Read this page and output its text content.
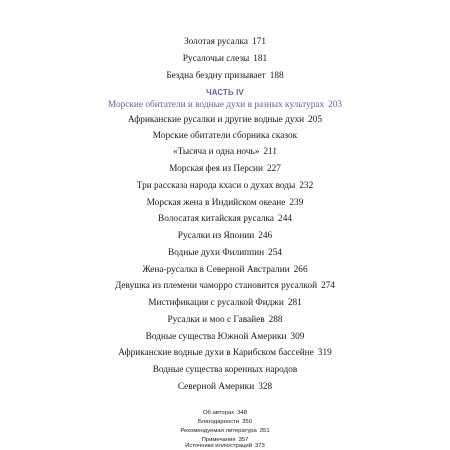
Золотая русалка 171
Русалочьи слезы 181
Бездна бездну призывает 188
ЧАСТЬ IV
Морские обитатели и водные духи в разных культурах 203
Африканские русалки и другие водные духи 205
Морские обитатели сборника сказок
«Тысяча и одна ночь» 211
Морская фея из Персии 227
Три рассказа народа кхаси о духах воды 232
Морская жена в Индийском океане 239
Волосатая китайская русалка 244
Русалки из Японии 246
Водные духи Филиппин 254
Жена-русалка в Северной Австралии 266
Девушка из племени чаморро становится русалкой 274
Мистификация с русалкой Фиджи 281
Русалки и моо с Гавайев 288
Водные существа Южной Америки 309
Африканские водные духи в Карибском бассейне 319
Водные существа коренных народов
Северной Америки 328
Об авторах 348
Благодарности 350
Рекомендуемая литература 351
Примечания 357
Источники иллюстраций 373
